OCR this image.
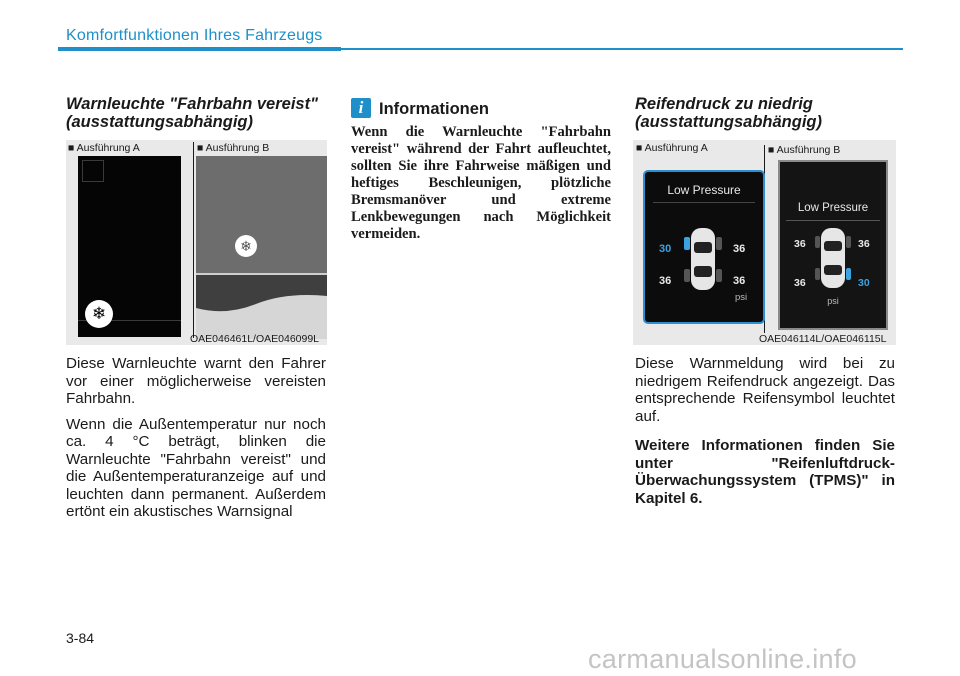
Komfortfunktionen Ihres Fahrzeugs
Warnleuchte "Fahrbahn vereist"
(ausstattungsabhängig)
■ Ausführung A
❄
■ Ausführung B
❄
OAE046461L/OAE046099L

Diese Warnleuchte warnt den Fahrer vor einer möglicherweise vereisten Fahrbahn.

Wenn die Außentemperatur nur noch ca. 4 °C beträgt, blinken die Warnleuchte "Fahrbahn vereist" und die Außentemperaturanzeige auf und leuchten dann permanent. Außerdem ertönt ein akustisches Warnsignal

i Informationen
Wenn die Warnleuchte "Fahrbahn vereist" während der Fahrt aufleuchtet, sollten Sie ihre Fahrweise mäßigen und heftiges Beschleunigen, plötzliche Bremsmanöver und extreme Lenkbewegungen nach Möglichkeit vermeiden.
Reifendruck zu niedrig
(ausstattungsabhängig)
■ Ausführung A	■ Ausführung B
Low Pressure
30	36
36	36
psi
Low Pressure
36	36
36	30
psi
OAE046114L/OAE046115L

Diese Warnmeldung wird bei zu niedrigem Reifendruck angezeigt. Das entsprechende Reifensymbol leuchtet auf.

Weitere Informationen finden Sie unter "Reifenluftdruck-Überwachungssystem (TPMS)" in Kapitel 6.

3-84
carmanualsonline.info
